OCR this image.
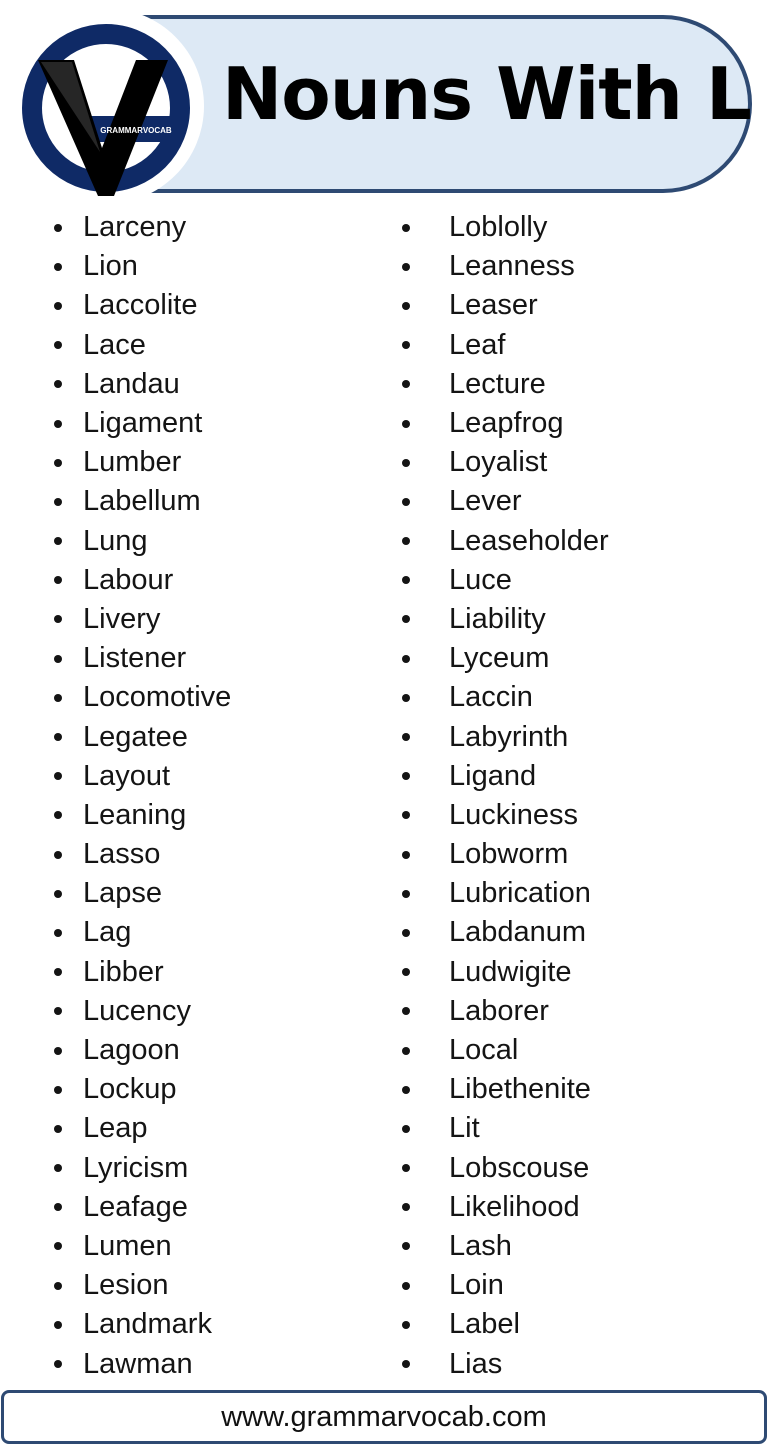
GRAMMARVOCAB Nouns With L
Larceny
Lion
Laccolite
Lace
Landau
Ligament
Lumber
Labellum
Lung
Labour
Livery
Listener
Locomotive
Legatee
Layout
Leaning
Lasso
Lapse
Lag
Libber
Lucency
Lagoon
Lockup
Leap
Lyricism
Leafage
Lumen
Lesion
Landmark
Lawman
Loblolly
Leanness
Leaser
Leaf
Lecture
Leapfrog
Loyalist
Lever
Leaseholder
Luce
Liability
Lyceum
Laccin
Labyrinth
Ligand
Luckiness
Lobworm
Lubrication
Labdanum
Ludwigite
Laborer
Local
Libethenite
Lit
Lobscouse
Likelihood
Lash
Loin
Label
Lias
www.grammarvocab.com
